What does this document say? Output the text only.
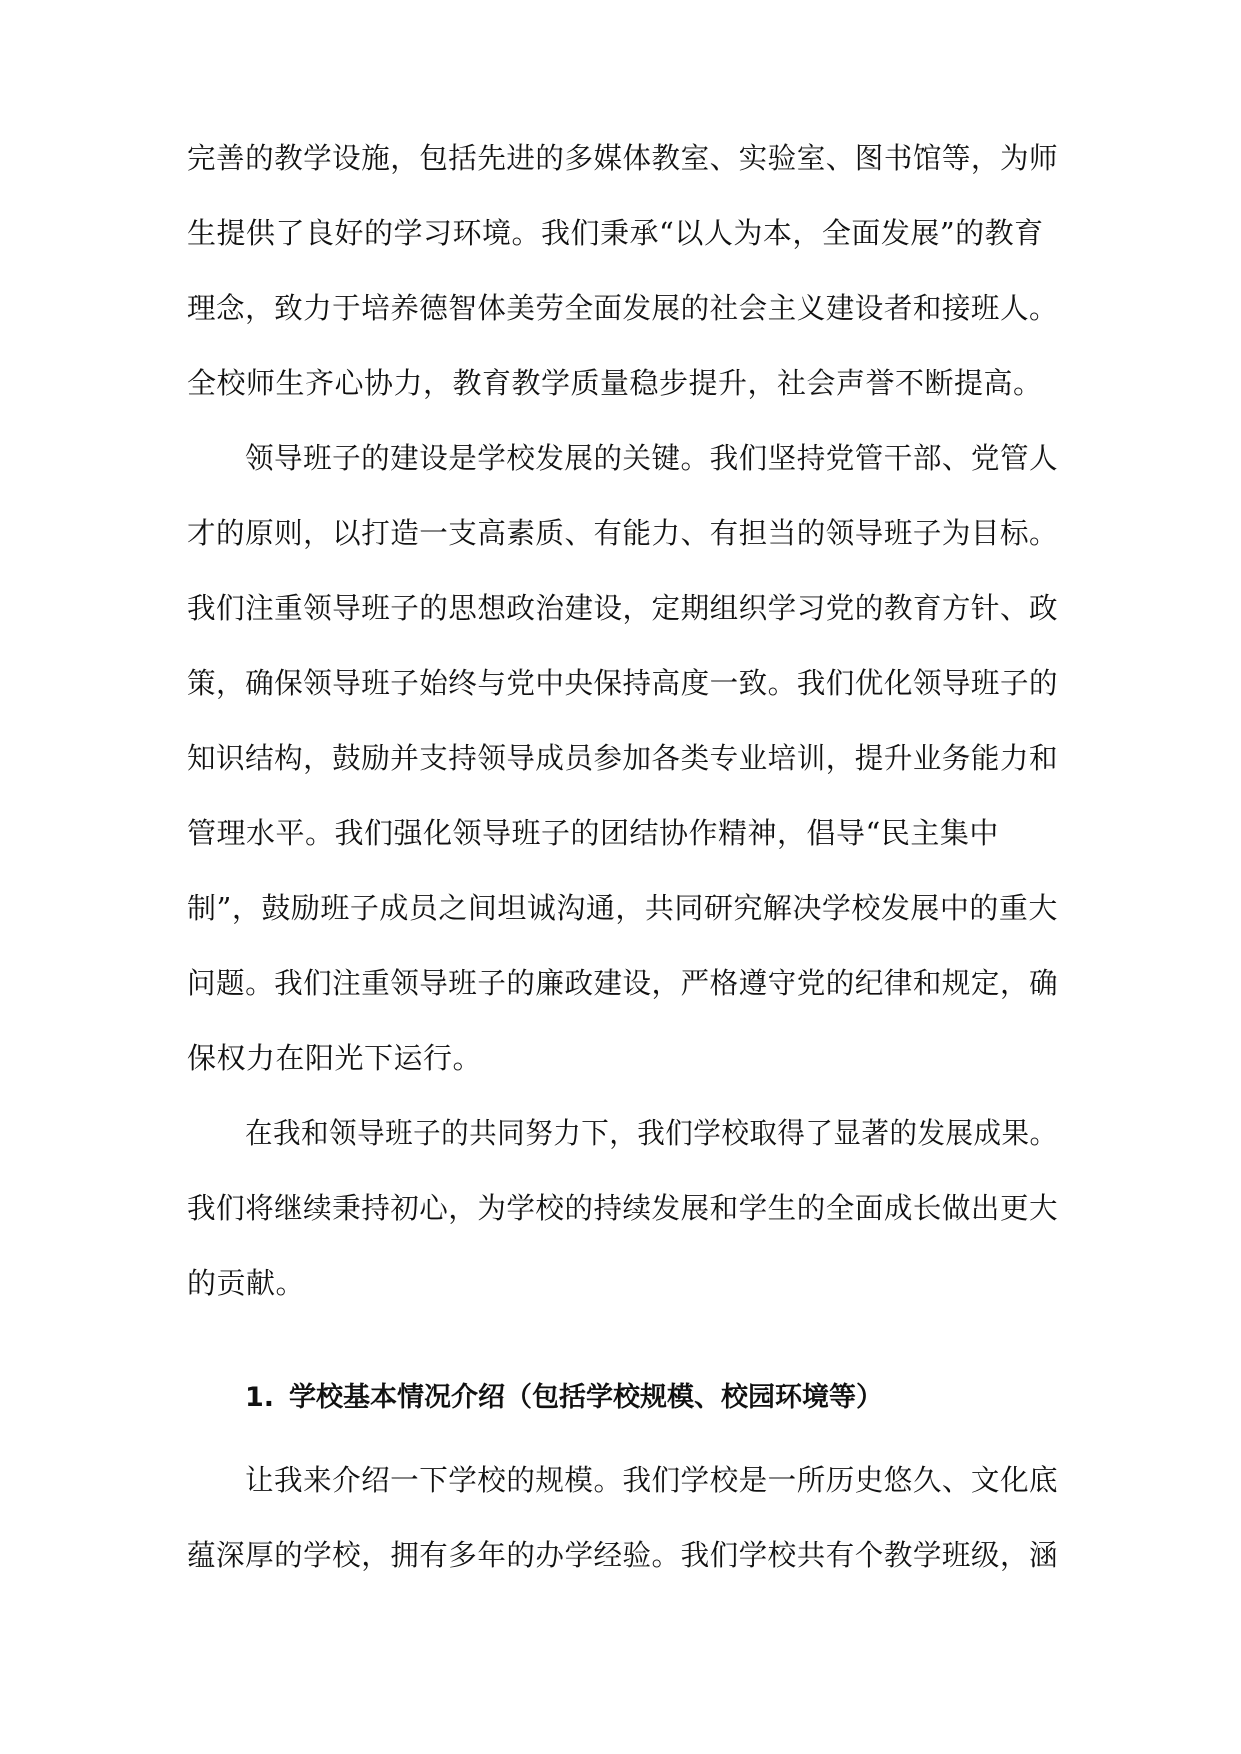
完善的教学设施，包括先进的多媒体教室、实验室、图书馆等，为师
生提供了良好的学习环境。我们秉承“以人为本，全面发展”的教育
理念，致力于培养德智体美劳全面发展的社会主义建设者和接班人。
全校师生齐心协力，教育教学质量稳步提升，社会声誉不断提高。
领导班子的建设是学校发展的关键。我们坚持党管干部、党管人
才的原则，以打造一支高素质、有能力、有担当的领导班子为目标。
我们注重领导班子的思想政治建设，定期组织学习党的教育方针、政
策，确保领导班子始终与党中央保持高度一致。我们优化领导班子的
知识结构，鼓励并支持领导成员参加各类专业培训，提升业务能力和
管理水平。我们强化领导班子的团结协作精神，倡导“民主集中
制”，鼓励班子成员之间坦诚沟通，共同研究解决学校发展中的重大
问题。我们注重领导班子的廉政建设，严格遵守党的纪律和规定，确
保权力在阳光下运行。
在我和领导班子的共同努力下，我们学校取得了显著的发展成果。
我们将继续秉持初心，为学校的持续发展和学生的全面成长做出更大
的贡献。
1. 学校基本情况介绍（包括学校规模、校园环境等）
让我来介绍一下学校的规模。我们学校是一所历史悠久、文化底
蕴深厚的学校，拥有多年的办学经验。我们学校共有个教学班级，涵
